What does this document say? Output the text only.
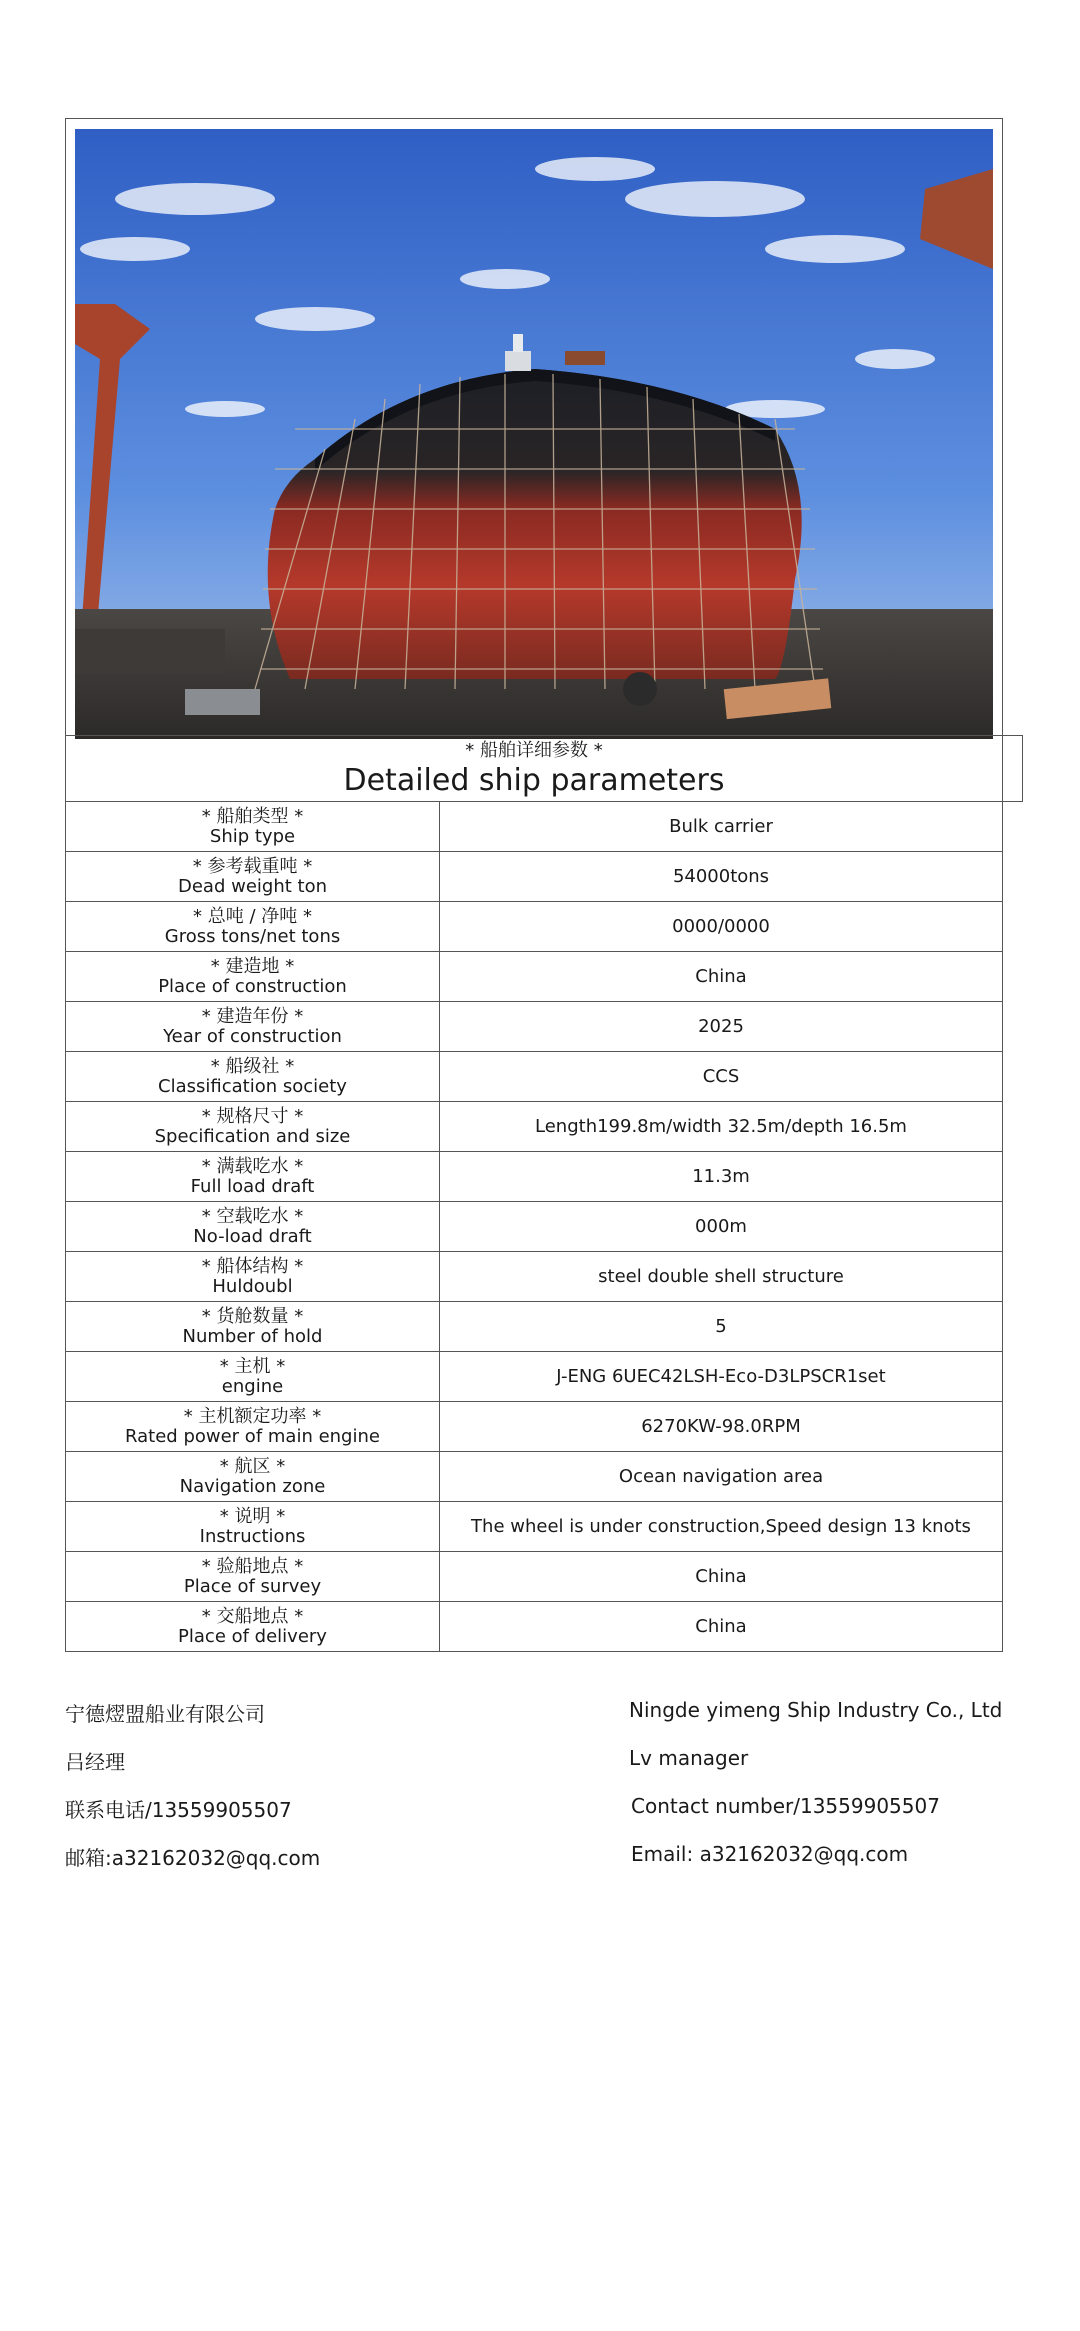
* 船舶详细参数 *
Detailed ship parameters
* 船舶类型 *
Ship type	Bulk carrier

* 参考载重吨 *
Dead weight ton	54000tons

* 总吨 / 净吨 *
Gross tons/net tons	0000/0000

* 建造地 *
Place of construction	China

* 建造年份 *
Year of construction	2025

* 船级社 *
Classification society	CCS

* 规格尺寸 *
Specification and size	Length199.8m/width 32.5m/depth 16.5m

* 满载吃水 *
Full load draft	11.3m

* 空载吃水 *
No-load draft	000m

* 船体结构 *
Huldoubl	steel double shell structure

* 货舱数量 *
Number of hold	5

* 主机 *
engine	J-ENG 6UEC42LSH-Eco-D3LPSCR1set

* 主机额定功率 *
Rated power of main engine	6270KW-98.0RPM

* 航区 *
Navigation zone	Ocean navigation area

* 说明 *
Instructions	The wheel is under construction,Speed design 13 knots

* 验船地点 *
Place of survey	China

* 交船地点 *
Place of delivery	China
宁德熤盟船业有限公司	Ningde yimeng Ship Industry Co., Ltd
吕经理	Lv manager
联系电话/13559905507	Contact number/13559905507
邮箱:a32162032@qq.com	Email: a32162032@qq.com
